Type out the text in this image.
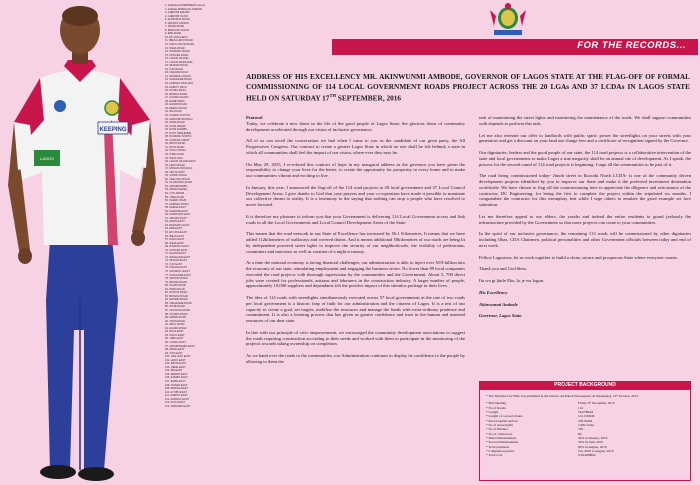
KEEPING
LAGOS
1. AGEGE-GOVERNMENT-ALA-E
2. AGEGE-MOBOLAJI AVENUE
3. AJEROMI ERUWA
4. AJEROMI OLODI
5. ALIMOSHO ROAD
6. AMUWO ODOFIN
7. APAPA ROAD
8. BADAGRY ROAD
9. EPE ROAD
10. ETI-OSA LEKKI
11. IBEJU-LEKKI ROAD
12. IFAKO-IJAIYE ROAD
13. IKEJA ROAD
14. IKORODU ROAD
15. KOSOFE ROAD
16. LAGOS ISLAND
17. LAGOS MAINLAND
18. MUSHIN ROAD
19. OJO ROAD
20. OSHODI-ISOLO
21. SHOMOLU ROAD
22. SURULERE ROAD
23. AGBADO OKE-ODO
24. AGBOYI KETU
25. AYOBO IPAJA
26. BARIGA ROAD
27. COKER AGUDA
28. EGBE IDIMU
29. EJIGBO ROAD
30. EREDO ROAD
31. IBA ROAD
32. IGANDO IKOTUN
33. IGBOGBO BAYEKU
34. IJEDE ROAD
35. IKOSI ISHERI
36. IKOSI EJINRIN
37. IKOYI OBALENDE
38. IKORODU NORTH
39. IKORODU WEST
40. IMOTA ROAD
41. IPAJA ROAD
42. ISOLO ROAD
43. ITIRE IKATE
44. IKEJA GRA
45. LAGOS ISLAND EAST
46. LEKKI ROAD
47. MOSAN OKUNOLA
48. ODI OLOWO
49. OJODU ROAD
50. OKE-ODO ROAD
51. OLORUNDA ROAD
52. ONIGBONGBO
53. ORILE AGEGE
54. OTO AWORI
55. YABA ROAD
56. ISHERI OSUN
57. AGBADO ROAD
58. AGEGE EAST
59. AJEROMI EAST
60. ALIMOSHO EAST
61. AMUWO EAST
62. APAPA EAST
63. BADAGRY EAST
64. EPE EAST
65. ETI-OSA EAST
66. IBEJU EAST
67. IFAKO EAST
68. IKEJA EAST
69. IKORODU EAST
70. KOSOFE EAST
71. ISLAND EAST
72. MAINLAND EAST
73. MUSHIN EAST
74. OJO EAST
75. OSHODI EAST
76. SHOMOLU EAST
77. SURULERE EAST
78. ODOFIN ROAD
79. ERUWA ROAD
80. OLODI ROAD
81. IDIMU ROAD
82. IKOTUN ROAD
83. BAYEKU ROAD
84. EJINRIN ROAD
85. OBALENDE ROAD
86. IKATE ROAD
87. OKUNOLA ROAD
88. OLOWO ROAD
89. AWORI ROAD
90. OSUN ROAD
91. KETU ROAD
92. AGUDA ROAD
93. IPAJA EAST
94. ISOLO EAST
95. YABA EAST
96. OJODU EAST
97. ONIGBONGBO EAST
98. ORILE EAST
99. OTO EAST
100. OKE-ODO EAST
101. LEKKI EAST
102. IMOTA EAST
103. IJEDE EAST
104. IBA EAST
105. EREDO EAST
106. EJIGBO EAST
107. EGBE EAST
108. COKER EAST
109. BARIGA EAST
110. AYOBO EAST
111. AGBOYI EAST
112. AGBADO EAST
113. IKOSI EAST
114. IGBOGBO EAST
FOR THE RECORDS...
ADDRESS OF HIS EXCELLENCY MR. AKINWUNMI AMBODE, GOVERNOR OF LAGOS STATE AT THE FLAG-OFF OF FORMAL COMMISSIONING OF 114 LOCAL GOVERNMENT ROADS PROJECT ACROSS THE 20 LGAs AND 37 LCDAs IN LAGOS STATE HELD ON SATURDAY 17TH SEPTEMBER, 2016

Protocol

Today, we celebrate a new dawn in the life of the good people of Lagos State; the glorious dawn of community development accelerated through our vision of inclusive governance.

All of us can recall the conversation we had when I came to you as the candidate of our great party, the All Progressives Congress. Our contract to create a greater Lagos State in which no one shall be left behind; a state in which all communities shall feel the impact of our vision, where ever they may be.

On May 29, 2015, I re-echoed this contract of hope in my inaugural address as the governor you have given the responsibility to change your lives for the better, to create the opportunity for prosperity in every home and to make our communities vibrant and exciting to live.

In January, this year, I announced the flag-off of the 114 road projects in 20 local government and 37 Local Council Development Areas. I give thanks to God that your prayers and your co-operation have made it possible to nominate our collective dream to reality. It is a testimony to the saying that nothing can stop a people who have resolved to move forward.

It is therefore my pleasure to inform you that your Government is delivering 114 Local Government access and link roads in all the Local Governments and Local Council Development Areas of the State.

This means that the road network in our State of Excellence has increased by 56.1 Kilometres. It means that we have added 112kilometres of walkways and covered drains. And it means additional 50kilometres of our roads are being lit by independent powered street lights to improve the security of our neighborhoods, the visibility of pedestrians, commuters and motorists as well as creation of a night economy.

At a time the national economy is facing financial challenges, our administration is able to inject over N19 billion into the economy of our state, stimulating employment and engaging the business sector. No fewer than 89 local companies executed the road projects with thorough supervision by the communities and the Government. About 5, 700 direct jobs were created for professionals, artisans and labourers in the construction industry. A larger number of people, approximately 10,000 suppliers and dependants felt the positive impact of this stimulus package in their lives.

The idea of 114 roads with streetlights simultaneously executed across 57 local governments at the rate of two roads per local government is a historic leap of faith for our administration and the citizens of Lagos. It is a test of our capacity to create a goal, set targets, mobilise the resources and manage the funds with extra-ordinary prudence and commitment. It is also a learning process that has given us greater confidence and trust in the human and material resources of our dear state.

In line with our principle of civic empowerment, we encouraged the community development associations to suggest the roads requiring construction according to their needs and worked with them to participate in the monitoring of the projects towards taking ownership on completion.

As we hand over the roads to the communities, our Administration continues to display its confidence to the people by allowing to them the

task of maintaining the street lights and monitoring the maintenance of the roads. We shall support communities with stipends to perform this task.

Let me also reiterate our offer to landlords with public spirit: power the streetlights on your streets with your generators and get a discount on your land use charge fees and a certificate of recognition signed by the Governor.

Our dignitaries, leaders and the good people of our state, the 114 road projects is a collaborative intervention of the state and local governments to make Lagos a true megacity shall be an annual rite of development. As I speak, the process for the second round of 114 road projects is beginning. I urge all the communities to be part of it.

The road being commissioned today- Jimoh street in Ikorodu North LCDA- is one of the community driven development projects identified by you to improve our State and make it the preferred investment destination worldwide. We have chosen to flag off the commissioning here to appreciate the diligence and seriousness of the contractor, DC Engineering, for being the first to complete the project within the stipulated six months. I congratulate the contractor for this exemplary feat while I urge others to emulate the good example set face saturation.

Let me therefore appeal to our elders, the youths and indeed the entire residents to guard jealously the infrastructure provided by the Government so that more projects can come to your communities.

In the spirit of our inclusive governance, the remaining 113 roads will be commissioned by other dignitaries including Obas, CDA Chairmen, political personalities and other Government officials between today and end of next week.

Fellow Lagosians, let us work together to build a clean, secure and prosperous State where everyone counts.

Thank you and God bless.

Ilu wa gi ljinle Eko, lo je wa logun.

His Excellency

Akinwunmi Ambode

Governor, Lagos State.

PROJECT BACKGROUND
* The Invitation for Bids was published in the Nation and Punch Newspapers on Wednesday, 16ᵗʰ October, 2015.
* Bid Opening	Friday 6ᵗʰ November, 2015
* No of Roads	114
* Length	56.078KM
* Length of covered drains	112.156KM
* Paved asphalt surface	476,594M
* No of street lights	1,982 Units
* No of Bidders	329
* No of contractors	89
* Initial Disbursement	40% in January, 2016
* Second Disbursement	30% in June, 2016
* Total payments	80% in August, 2016
* Completion period	Jan, 2016 to August, 2016
* Total Cost	N19.408Bnn
